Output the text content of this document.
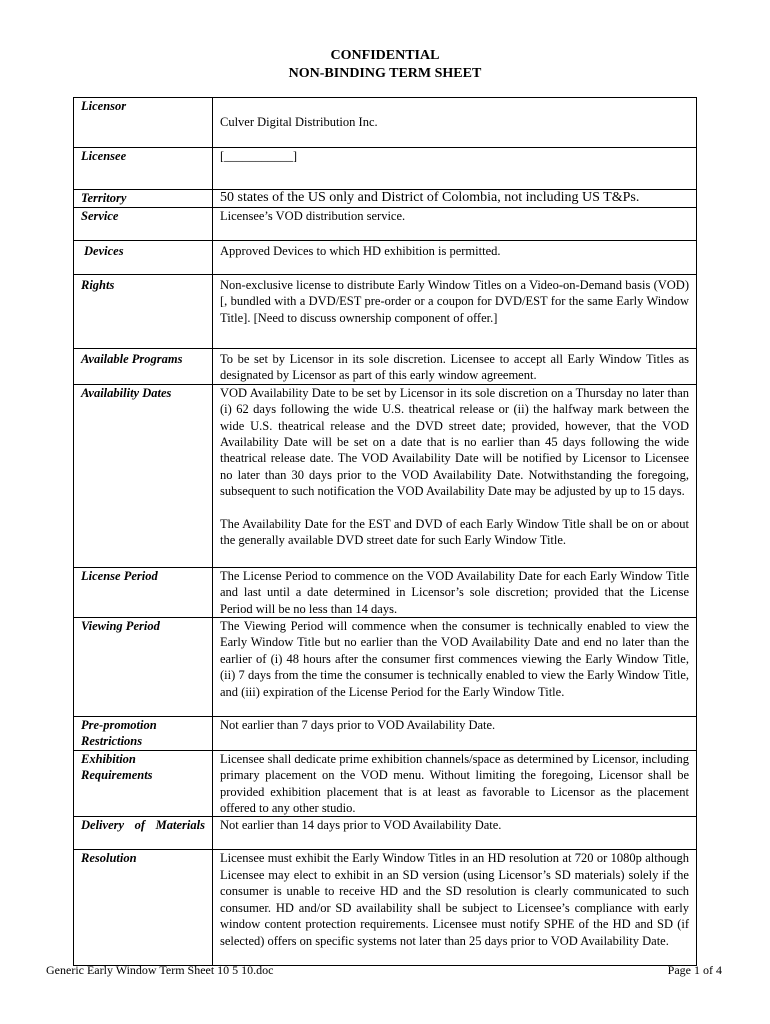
CONFIDENTIAL
NON-BINDING TERM SHEET
Licensor	Culver Digital Distribution Inc.

Licensee	[___________]
Territory	50 states of the US only and District of Colombia, not including US T&Ps.
Service	Licensee’s VOD distribution service.

Devices	Approved Devices to which HD exhibition is permitted.

Rights	Non-exclusive license to distribute Early Window Titles on a Video-on-Demand basis (VOD)[, bundled with a DVD/EST pre-order or a coupon for DVD/EST for the same Early Window Title]. [Need to discuss ownership component of offer.]

Available Programs	To be set by Licensor in its sole discretion. Licensee to accept all Early Window Titles as designated by Licensor as part of this early window agreement.
Availability Dates	VOD Availability Date to be set by Licensor in its sole discretion on a Thursday no later than (i) 62 days following the wide U.S. theatrical release or (ii) the halfway mark between the wide U.S. theatrical release and the DVD street date; provided, however, that the VOD Availability Date will be set on a date that is no earlier than 45 days following the wide theatrical release date. The VOD Availability Date will be notified by Licensor to Licensee no later than 30 days prior to the VOD Availability Date. Notwithstanding the foregoing, subsequent to such notification the VOD Availability Date may be adjusted by up to 15 days.

The Availability Date for the EST and DVD of each Early Window Title shall be on or about the generally available DVD street date for such Early Window Title.

License Period	The License Period to commence on the VOD Availability Date for each Early Window Title and last until a date determined in Licensor’s sole discretion; provided that the License Period will be no less than 14 days.
Viewing Period	The Viewing Period will commence when the consumer is technically enabled to view the Early Window Title but no earlier than the VOD Availability Date and end no later than the earlier of (i) 48 hours after the consumer first commences viewing the Early Window Title, (ii) 7 days from the time the consumer is technically enabled to view the Early Window Title, and (iii) expiration of the License Period for the Early Window Title.
Pre-promotion Restrictions	Not earlier than 7 days prior to VOD Availability Date.
Exhibition Requirements	Licensee shall dedicate prime exhibition channels/space as determined by Licensor, including primary placement on the VOD menu. Without limiting the foregoing, Licensor shall be provided exhibition placement that is at least as favorable to Licensor as the placement offered to any other studio.
Delivery of Materials	Not earlier than 14 days prior to VOD Availability Date.
Resolution	Licensee must exhibit the Early Window Titles in an HD resolution at 720 or 1080p although Licensee may elect to exhibit in an SD version (using Licensor’s SD materials) solely if the consumer is unable to receive HD and the SD resolution is clearly communicated to such consumer. HD and/or SD availability shall be subject to Licensee’s compliance with early window content protection requirements. Licensee must notify SPHE of the HD and SD (if selected) offers on specific systems not later than 25 days prior to VOD Availability Date.
Generic Early Window Term Sheet 10 5 10.doc	Page 1 of 4
